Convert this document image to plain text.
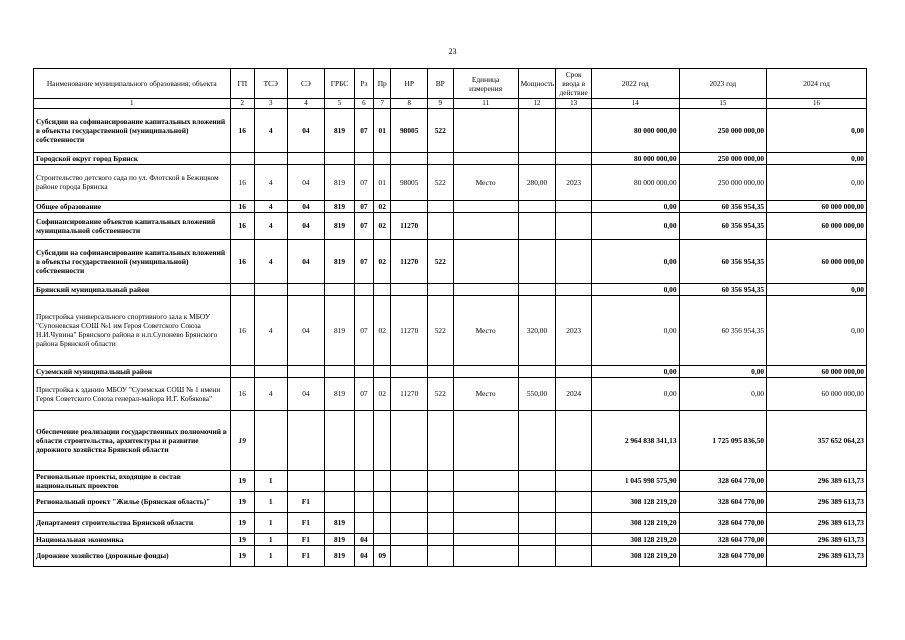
23
Наименование муниципального образования; объекта	ГП	ТСЭ	СЭ	ГРБС	Рз	Пр	НР	ВР	Единица измерения	Мощность	Срок ввода в действие	2022 год	2023 год	2024 год
1	2	3	4	5	6	7	8	9	11	12	13	14	15	16
Субсидии на софинансирование капитальных вложений в объекты государственной (муниципальной) собственности	16	4	04	819	07	01	98005	522				80 000 000,00	250 000 000,00	0,00
Городской округ город Брянск												80 000 000,00	250 000 000,00	0,00
Строительство детского сада по ул. Флотской в Бежицком районе города Брянска	16	4	04	819	07	01	98005	522	Место	280,00	2023	80 000 000,00	250 000 000,00	0,00
Общее образование	16	4	04	819	07	02						0,00	60 356 954,35	60 000 000,00
Софинансирование объектов капитальных вложений муниципальной собственности	16	4	04	819	07	02	11270					0,00	60 356 954,35	60 000 000,00
Субсидии на софинансирование капитальных вложений в объекты государственной (муниципальной) собственности	16	4	04	819	07	02	11270	522				0,00	60 356 954,35	60 000 000,00
Брянский муниципальный район												0,00	60 356 954,35	0,00
Пристройка универсального спортивного зала к МБОУ "Супоневская СОШ №1 им Героя Советского Союза Н.И.Чувина" Брянского района в н.п.Супонево Брянского района Брянской области	16	4	04	819	07	02	11270	522	Место	320,00	2023	0,00	60 356 954,35	0,00
Суземский муниципальный район												0,00	0,00	60 000 000,00
Пристройка к зданию МБОУ "Суземская СОШ № 1 имени Героя Советского Союза генерал-майора И.Г. Кобякова"	16	4	04	819	07	02	11270	522	Место	550,00	2024	0,00	0,00	60 000 000,00
Обеспечение реализации государственных полномочий в области строительства, архитектуры и развитие дорожного хозяйства Брянской области	19											2 964 838 341,13	1 725 095 836,50	357 652 064,23
Региональные проекты, входящие в состав национальных проектов	19	1										1 045 998 575,90	328 604 770,00	296 389 613,73
Региональный проект "Жилье (Брянская область)"	19	1	F1									308 128 219,20	328 604 770,00	296 389 613,73
Департамент строительства Брянской области	19	1	F1	819								308 128 219,20	328 604 770,00	296 389 613,73
Национальная экономика	19	1	F1	819	04							308 128 219,20	328 604 770,00	296 389 613,73
Дорожное хозяйство (дорожные фонды)	19	1	F1	819	04	09						308 128 219,20	328 604 770,00	296 389 613,73
